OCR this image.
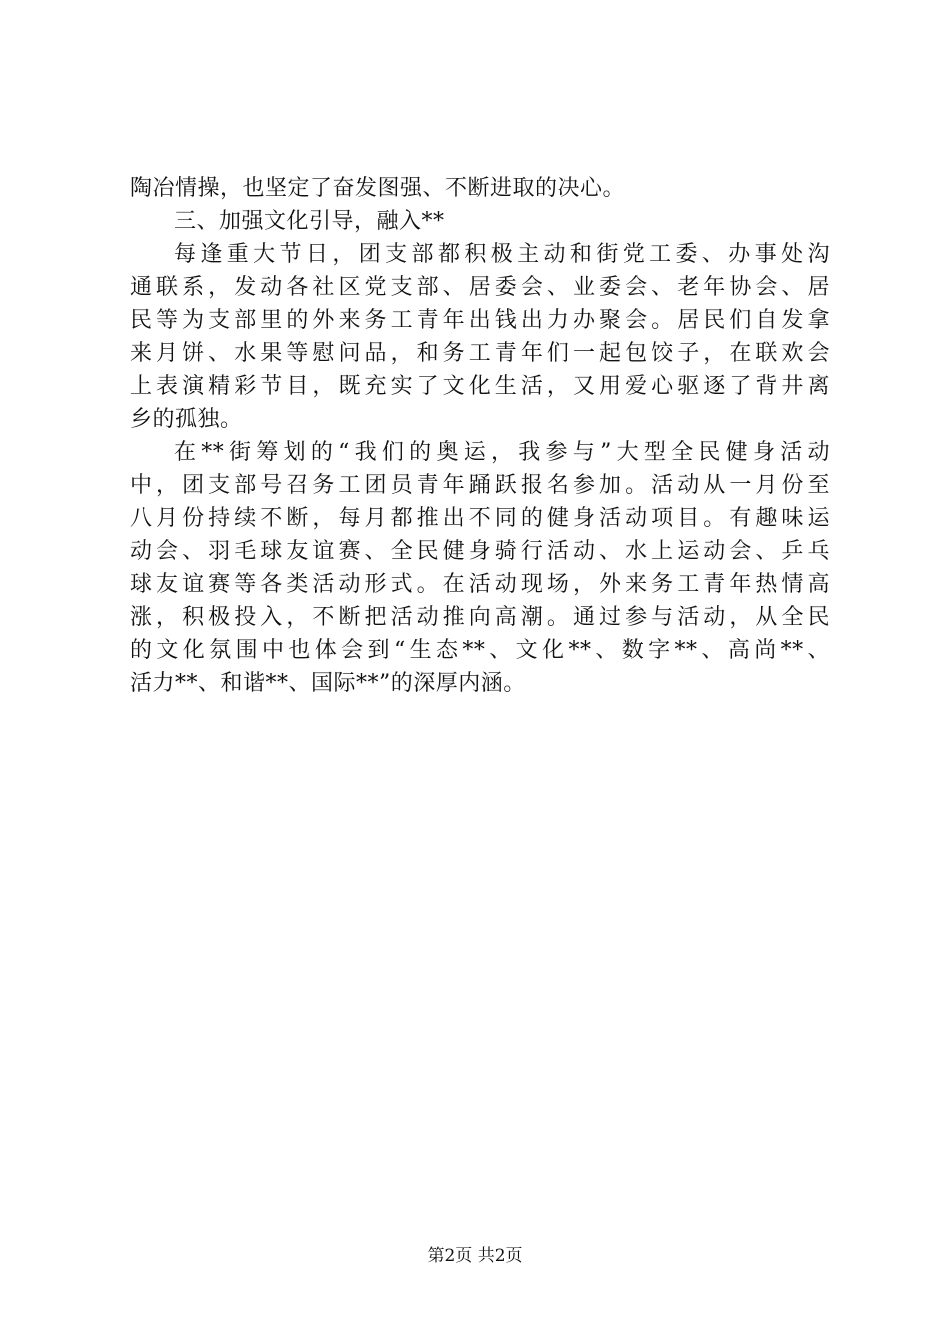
陶冶情操，也坚定了奋发图强、不断进取的决心。
三、加强文化引导，融入**
每逢重大节日，团支部都积极主动和街党工委、办事处沟
通联系，发动各社区党支部、居委会、业委会、老年协会、居
民等为支部里的外来务工青年出钱出力办聚会。居民们自发拿
来月饼、水果等慰问品，和务工青年们一起包饺子，在联欢会
上表演精彩节目，既充实了文化生活，又用爱心驱逐了背井离
乡的孤独。
在**街筹划的“我们的奥运，我参与”大型全民健身活动
中，团支部号召务工团员青年踊跃报名参加。活动从一月份至
八月份持续不断，每月都推出不同的健身活动项目。有趣味运
动会、羽毛球友谊赛、全民健身骑行活动、水上运动会、乒乓
球友谊赛等各类活动形式。在活动现场，外来务工青年热情高
涨，积极投入，不断把活动推向高潮。通过参与活动，从全民
的文化氛围中也体会到“生态**、文化**、数字**、高尚**、
活力**、和谐**、国际**”的深厚内涵。
第2页 共2页
